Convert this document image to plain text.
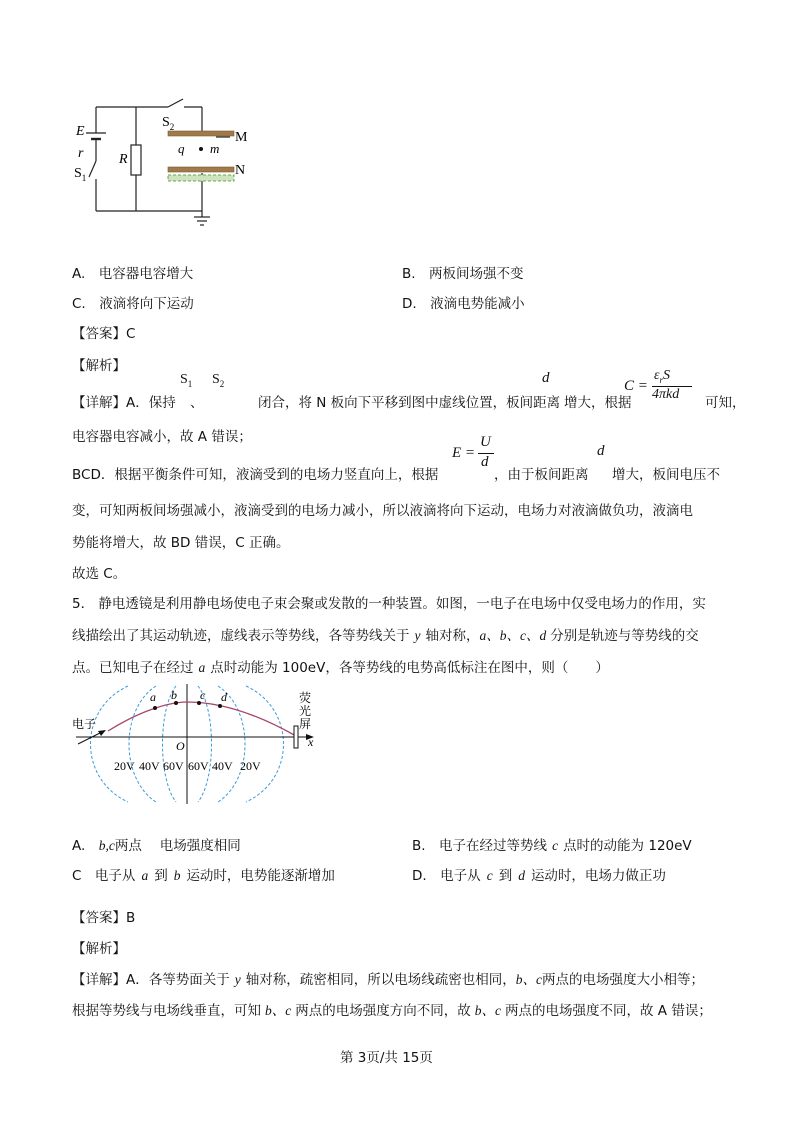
E
r
$S_1$
R
$S_2$
M
N
q m
A.　电容器电容增大	B.　两板间场强不变
C.　液滴将向下运动	D.　液滴电势能减小
【答案】C
【解析】
【详解】A．保持
$S_1$
、
$S_2$
闭合，将 N 板向下平移到图中虚线位置，板间距离
d
增大，根据
C =
$\varepsilon_rS$
4πkd
可知，
电容器电容减小，故 A 错误；
BCD．根据平衡条件可知，液滴受到的电场力竖直向上，根据
E =
U
d
，由于板间距离
d
增大，板间电压不
变，可知两板间场强减小，液滴受到的电场力减小，所以液滴将向下运动，电场力对液滴做负功，液滴电
势能将增大，故 BD 错误，C 正确。
故选 C。
5． 静电透镜是利用静电场使电子束会聚或发散的一种装置。如图，一电子在电场中仅受电场力的作用，实
线描绘出了其运动轨迹，虚线表示等势线，各等势线关于 y 轴对称，a、b、c、d 分别是轨迹与等势线的交
点。已知电子在经过 a 点时动能为 100eV，各等势线的电势高低标注在图中，则（　　）
a b c d	荧
光
屏
电子
O	x
20V 40V 60V 60V 40V 20V
A.　b,c两点　 电场强度相同	B.　电子在经过等势线 c 点时的动能为 120eV
C　电子从 a 到 b 运动时，电势能逐渐增加	D.　电子从 c 到 d 运动时，电场力做正功
【答案】B
【解析】
【详解】A．各等势面关于 y 轴对称，疏密相同，所以电场线疏密也相同，b、c两点的电场强度大小相等；
根据等势线与电场线垂直，可知 b、c 两点的电场强度方向不同，故 b、c 两点的电场强度不同，故 A 错误；
第 3页/共 15页
